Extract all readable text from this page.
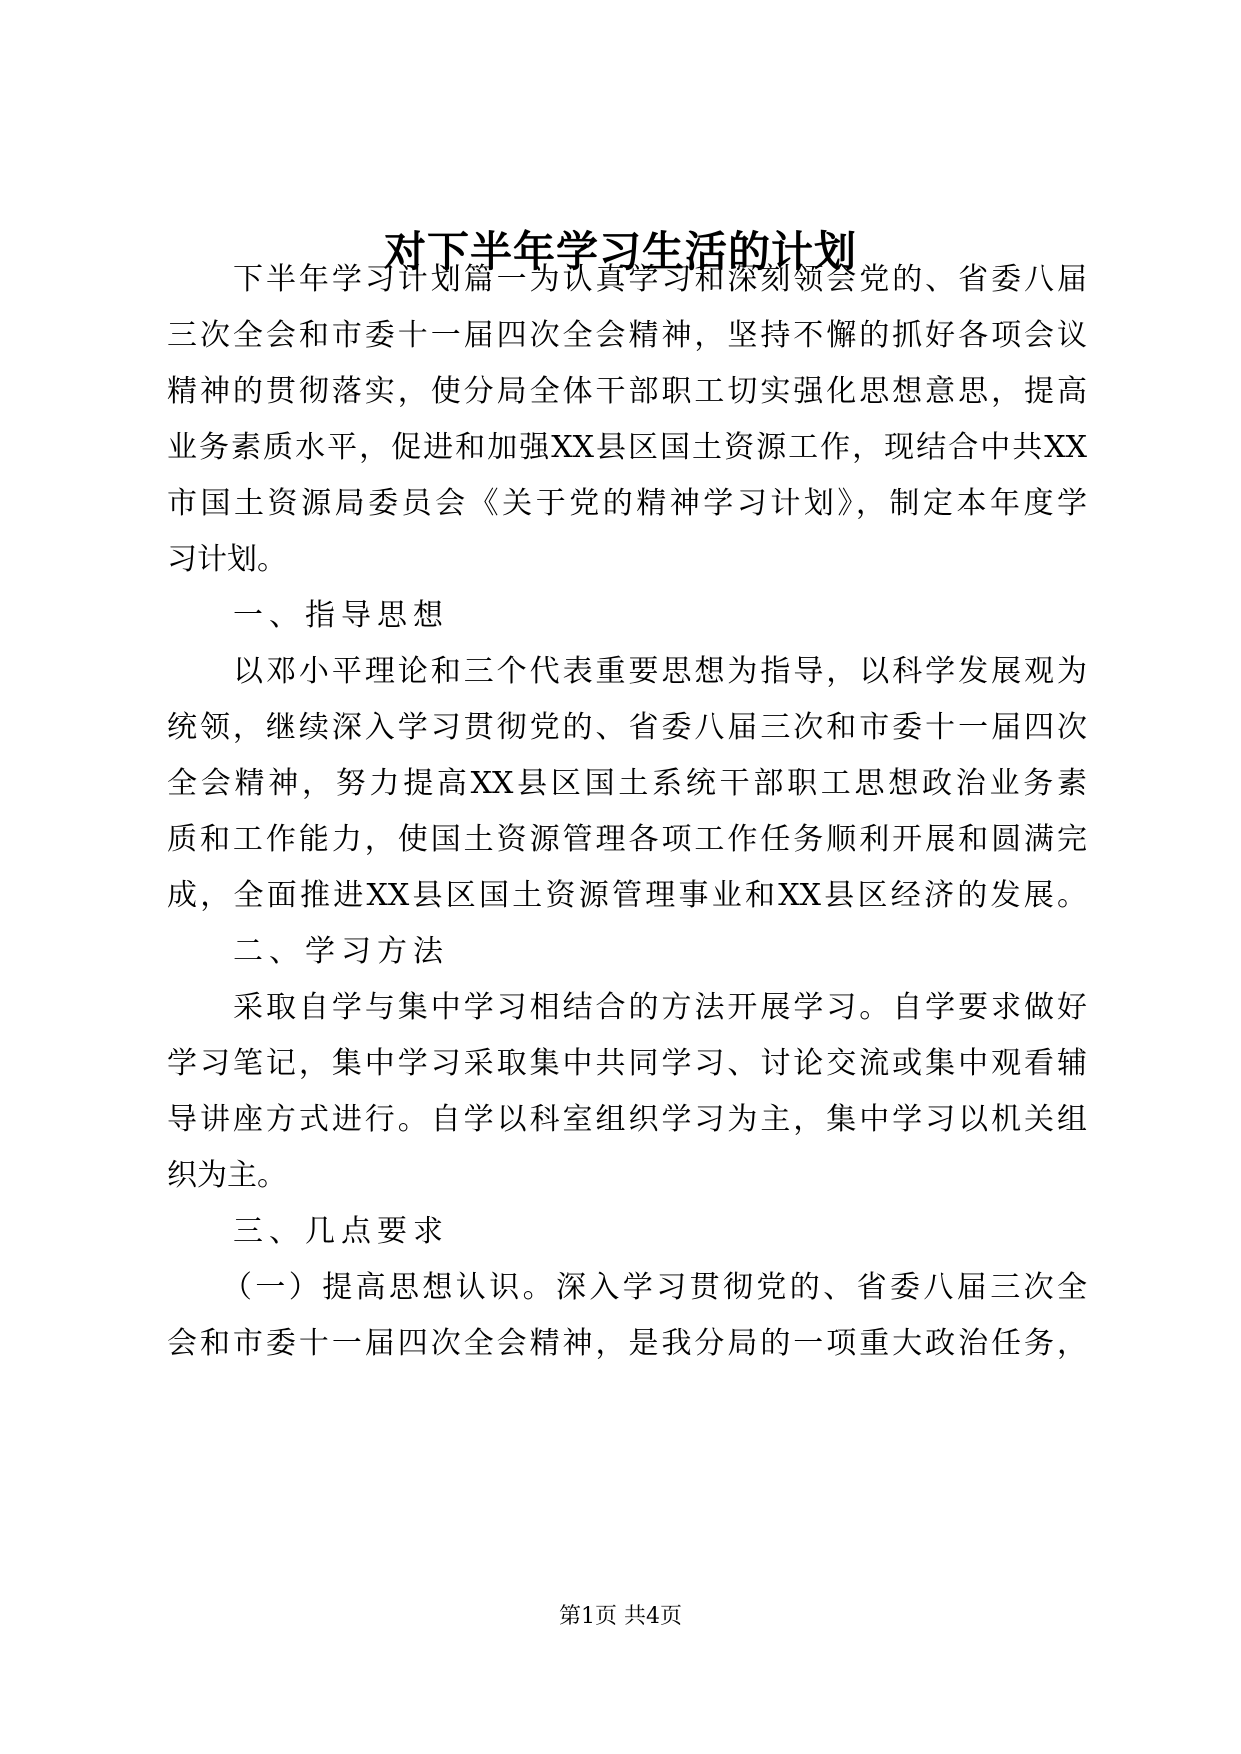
对下半年学习生活的计划
下半年学习计划篇一为认真学习和深刻领会党的、省委八届
三次全会和市委十一届四次全会精神，坚持不懈的抓好各项会议
精神的贯彻落实，使分局全体干部职工切实强化思想意思，提高
业务素质水平，促进和加强XX县区国土资源工作，现结合中共XX
市国土资源局委员会《关于党的精神学习计划》，制定本年度学
习计划。
一、指导思想
以邓小平理论和三个代表重要思想为指导，以科学发展观为
统领，继续深入学习贯彻党的、省委八届三次和市委十一届四次
全会精神，努力提高XX县区国土系统干部职工思想政治业务素
质和工作能力，使国土资源管理各项工作任务顺利开展和圆满完
成，全面推进XX县区国土资源管理事业和XX县区经济的发展。
二、学习方法
采取自学与集中学习相结合的方法开展学习。自学要求做好
学习笔记，集中学习采取集中共同学习、讨论交流或集中观看辅
导讲座方式进行。自学以科室组织学习为主，集中学习以机关组
织为主。
三、几点要求
（一）提高思想认识。深入学习贯彻党的、省委八届三次全
会和市委十一届四次全会精神，是我分局的一项重大政治任务，
第1页 共4页
